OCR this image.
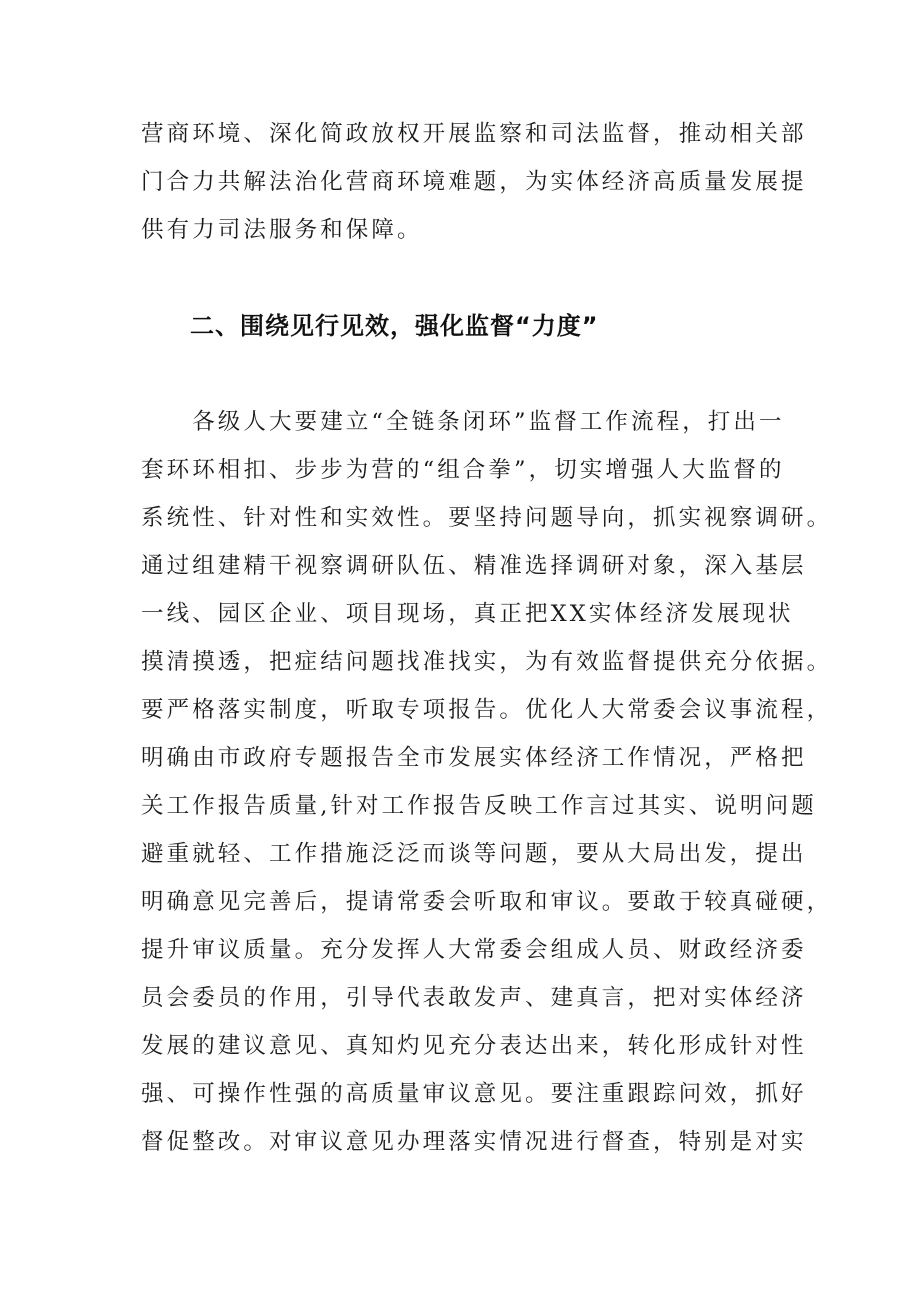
营商环境、深化简政放权开展监察和司法监督，推动相关部
门合力共解法治化营商环境难题，为实体经济高质量发展提
供有力司法服务和保障。
二、围绕见行见效，强化监督“力度”
　　各级人大要建立“全链条闭环”监督工作流程，打出一
套环环相扣、步步为营的“组合拳”，切实增强人大监督的
系统性、针对性和实效性。要坚持问题导向，抓实视察调研。
通过组建精干视察调研队伍、精准选择调研对象，深入基层
一线、园区企业、项目现场，真正把XX实体经济发展现状
摸清摸透，把症结问题找准找实，为有效监督提供充分依据。
要严格落实制度，听取专项报告。优化人大常委会议事流程，
明确由市政府专题报告全市发展实体经济工作情况，严格把
关工作报告质量,针对工作报告反映工作言过其实、说明问题
避重就轻、工作措施泛泛而谈等问题，要从大局出发，提出
明确意见完善后，提请常委会听取和审议。要敢于较真碰硬，
提升审议质量。充分发挥人大常委会组成人员、财政经济委
员会委员的作用，引导代表敢发声、建真言，把对实体经济
发展的建议意见、真知灼见充分表达出来，转化形成针对性
强、可操作性强的高质量审议意见。要注重跟踪问效，抓好
督促整改。对审议意见办理落实情况进行督查，特别是对实
